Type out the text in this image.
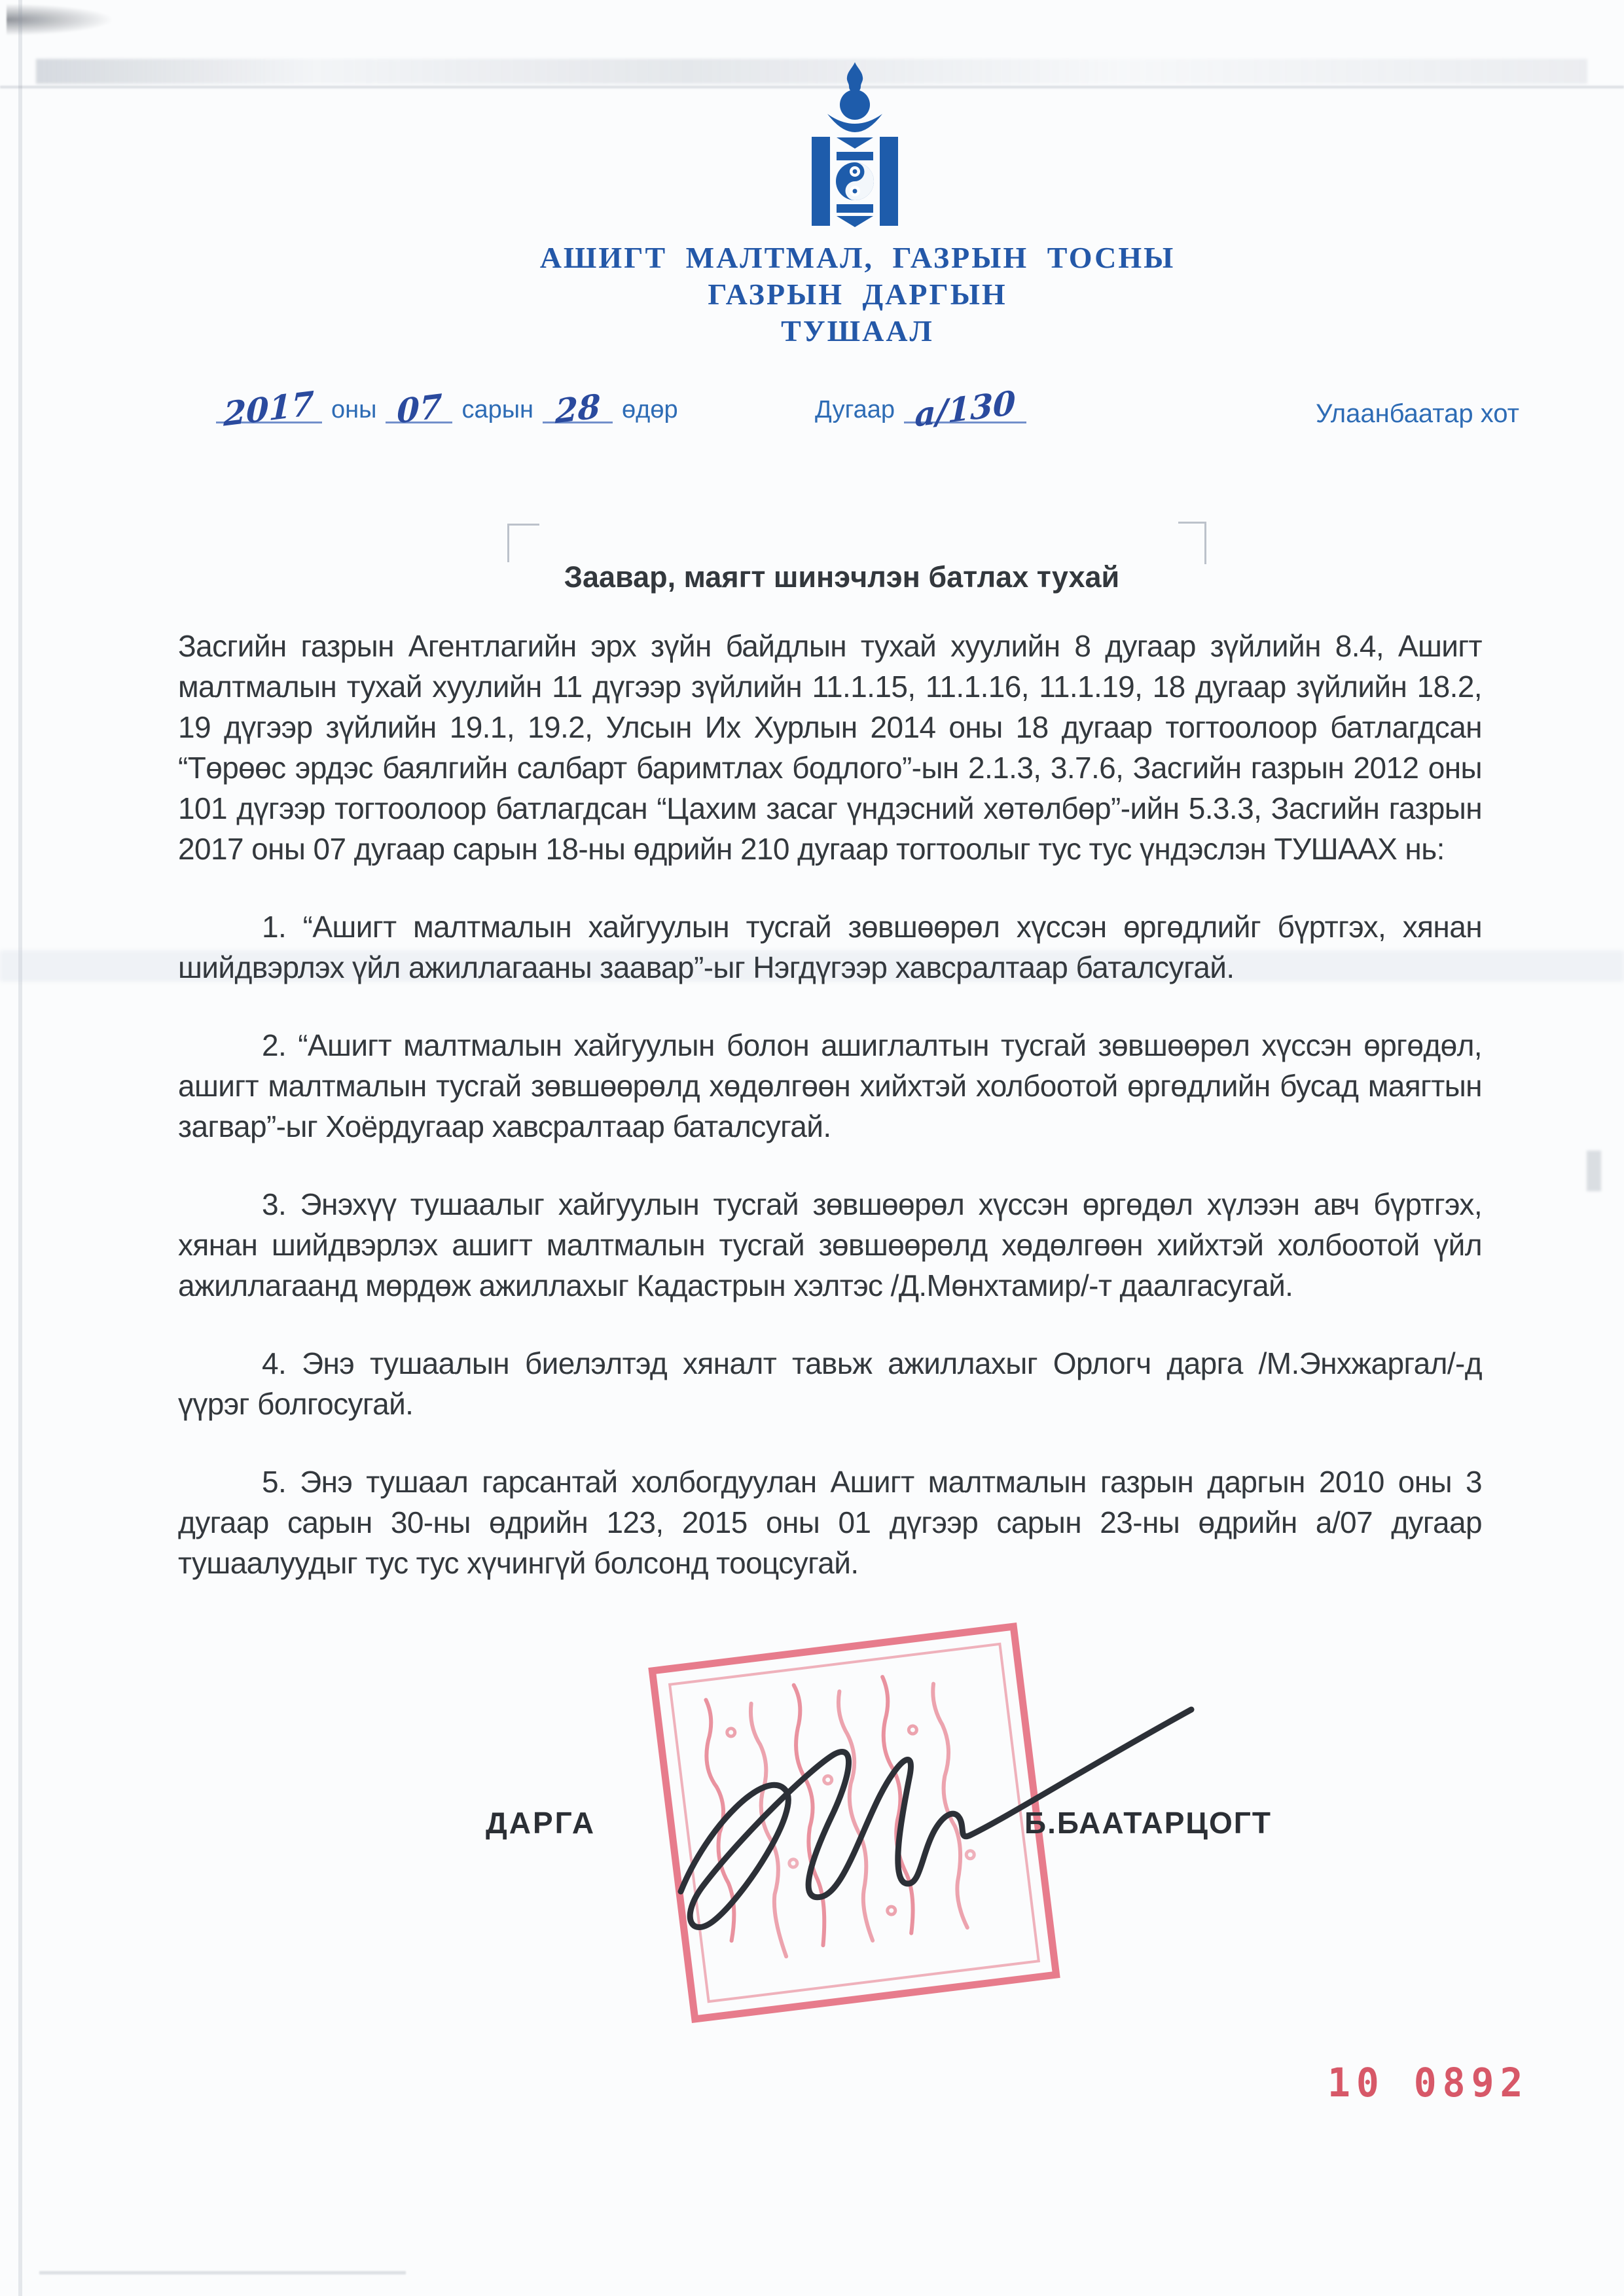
АШИГТ МАЛТМАЛ, ГАЗРЫН ТОСНЫ
ГАЗРЫН ДАРГЫН
ТУШААЛ
2017 оны 07 сарын 28 өдөр	Дугаар а/130	Улаанбаатар хот
Заавар, маягт шинэчлэн батлах тухай

Засгийн газрын Агентлагийн эрх зүйн байдлын тухай хуулийн 8 дугаар зүйлийн 8.4, Ашигт малтмалын тухай хуулийн 11 дүгээр зүйлийн 11.1.15, 11.1.16, 11.1.19, 18 дугаар зүйлийн 18.2, 19 дүгээр зүйлийн 19.1, 19.2, Улсын Их Хурлын 2014 оны 18 дугаар тогтоолоор батлагдсан “Төрөөс эрдэс баялгийн салбарт баримтлах бодлого”-ын 2.1.3, 3.7.6, Засгийн газрын 2012 оны 101 дүгээр тогтоолоор батлагдсан “Цахим засаг үндэсний хөтөлбөр”-ийн 5.3.3, Засгийн газрын 2017 оны 07 дугаар сарын 18-ны өдрийн 210 дугаар тогтоолыг тус тус үндэслэн ТУШААХ нь:

1. “Ашигт малтмалын хайгуулын тусгай зөвшөөрөл хүссэн өргөдлийг бүртгэх, хянан шийдвэрлэх үйл ажиллагааны заавар”-ыг Нэгдүгээр хавсралтаар баталсугай.

2. “Ашигт малтмалын хайгуулын болон ашиглалтын тусгай зөвшөөрөл хүссэн өргөдөл, ашигт малтмалын тусгай зөвшөөрөлд хөдөлгөөн хийхтэй холбоотой өргөдлийн бусад маягтын загвар”-ыг Хоёрдугаар хавсралтаар баталсугай.

3. Энэхүү тушаалыг хайгуулын тусгай зөвшөөрөл хүссэн өргөдөл хүлээн авч бүртгэх, хянан шийдвэрлэх ашигт малтмалын тусгай зөвшөөрөлд хөдөлгөөн хийхтэй холбоотой үйл ажиллагаанд мөрдөж ажиллахыг Кадастрын хэлтэс /Д.Мөнхтамир/-т даалгасугай.

4. Энэ тушаалын биелэлтэд хяналт тавьж ажиллахыг Орлогч дарга /М.Энхжаргал/-д үүрэг болгосугай.

5. Энэ тушаал гарсантай холбогдуулан Ашигт малтмалын газрын даргын 2010 оны 3 дугаар сарын 30-ны өдрийн 123, 2015 оны 01 дүгээр сарын 23-ны өдрийн а/07 дугаар тушаалуудыг тус тус хүчингүй болсонд тооцсугай.

ДАРГА	Б.БААТАРЦОГТ
10 0892
